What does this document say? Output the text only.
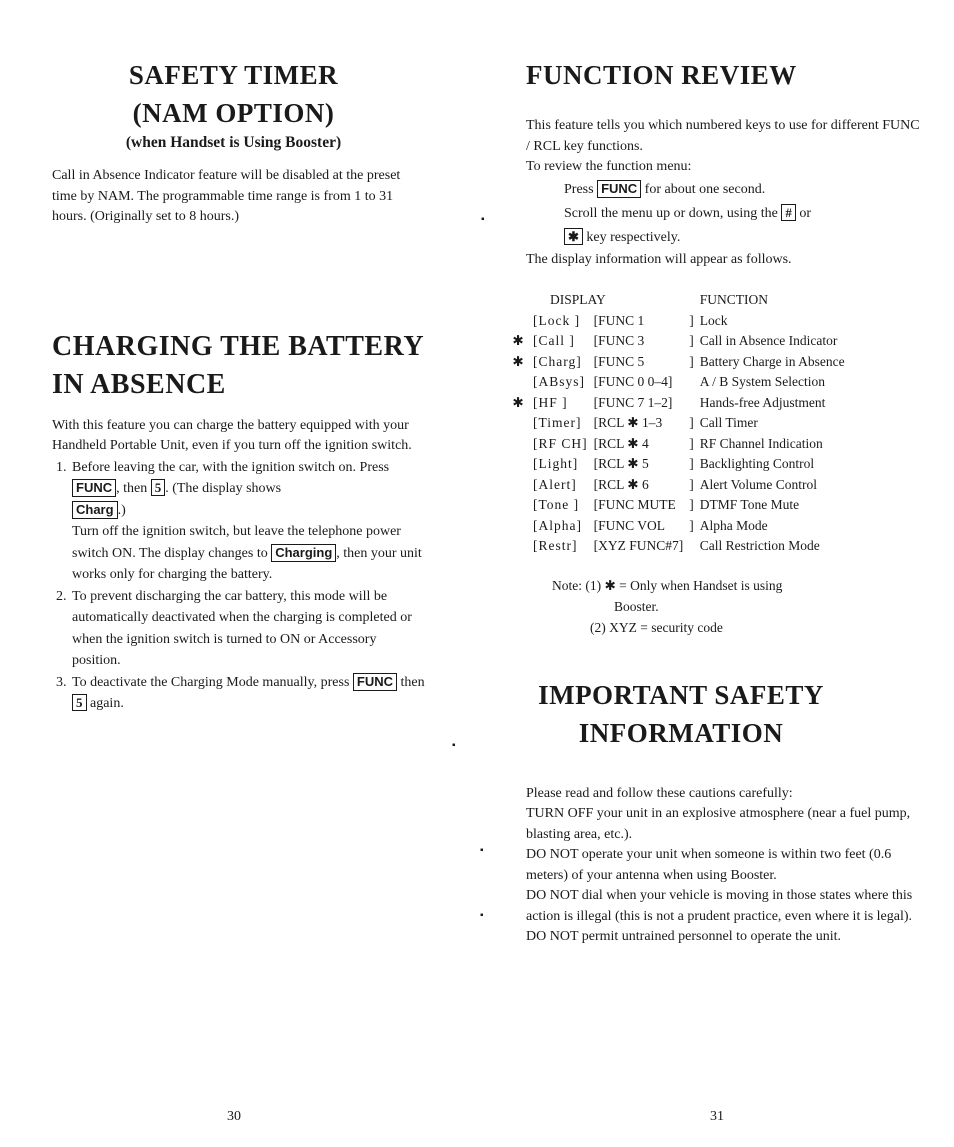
SAFETY TIMER
(NAM OPTION)
(when Handset is Using Booster)

Call in Absence Indicator feature will be disabled at the preset time by NAM. The programmable time range is from 1 to 31 hours. (Originally set to 8 hours.)

CHARGING THE BATTERY
IN ABSENCE

With this feature you can charge the battery equipped with your Handheld Portable Unit, even if you turn off the ignition switch.

1. Before leaving the car, with the ignition switch on. Press FUNC , then 5 . (The display shows
Charg .)
Turn off the ignition switch, but leave the telephone power switch ON. The display changes to Charging , then your unit works only for charging the battery.
2. To prevent discharging the car battery, this mode will be automatically deactivated when the charging is completed or when the ignition switch is turned to ON or Accessory position.
3. To deactivate the Charging Mode manually, press FUNC then 5 again.
30
FUNCTION REVIEW

This feature tells you which numbered keys to use for different FUNC / RCL key functions.

To review the function menu:

Press FUNC for about one second.

Scroll the menu up or down, using the # or
✱ key respectively.

The display information will appear as follows.

	DISPLAY			FUNCTION
	[Lock ]	[FUNC 1	]	Lock
✱	[Call ]	[FUNC 3	]	Call in Absence Indicator
✱	[Charg]	[FUNC 5	]	Battery Charge in Absence
	[ABsys]	[FUNC 0 0–4]		A / B System Selection
✱	[HF ]	[FUNC 7 1–2]		Hands-free Adjustment
	[Timer]	[RCL ✱ 1–3	]	Call Timer
	[RF CH]	[RCL ✱ 4	]	RF Channel Indication
	[Light]	[RCL ✱ 5	]	Backlighting Control
	[Alert]	[RCL ✱ 6	]	Alert Volume Control
	[Tone ]	[FUNC MUTE	]	DTMF Tone Mute
	[Alpha]	[FUNC VOL	]	Alpha Mode
	[Restr]	[XYZ FUNC#7]		Call Restriction Mode
Note: (1) ✱ = Only when Handset is using
Booster.
(2) XYZ = security code
IMPORTANT SAFETY
INFORMATION

Please read and follow these cautions carefully:

TURN OFF your unit in an explosive atmosphere (near a fuel pump, blasting area, etc.).

DO NOT operate your unit when someone is within two feet (0.6 meters) of your antenna when using Booster.

DO NOT dial when your vehicle is moving in those states where this action is illegal (this is not a prudent practice, even where it is legal).

DO NOT permit untrained personnel to operate the unit.

31
▪
▪
▪
▪
